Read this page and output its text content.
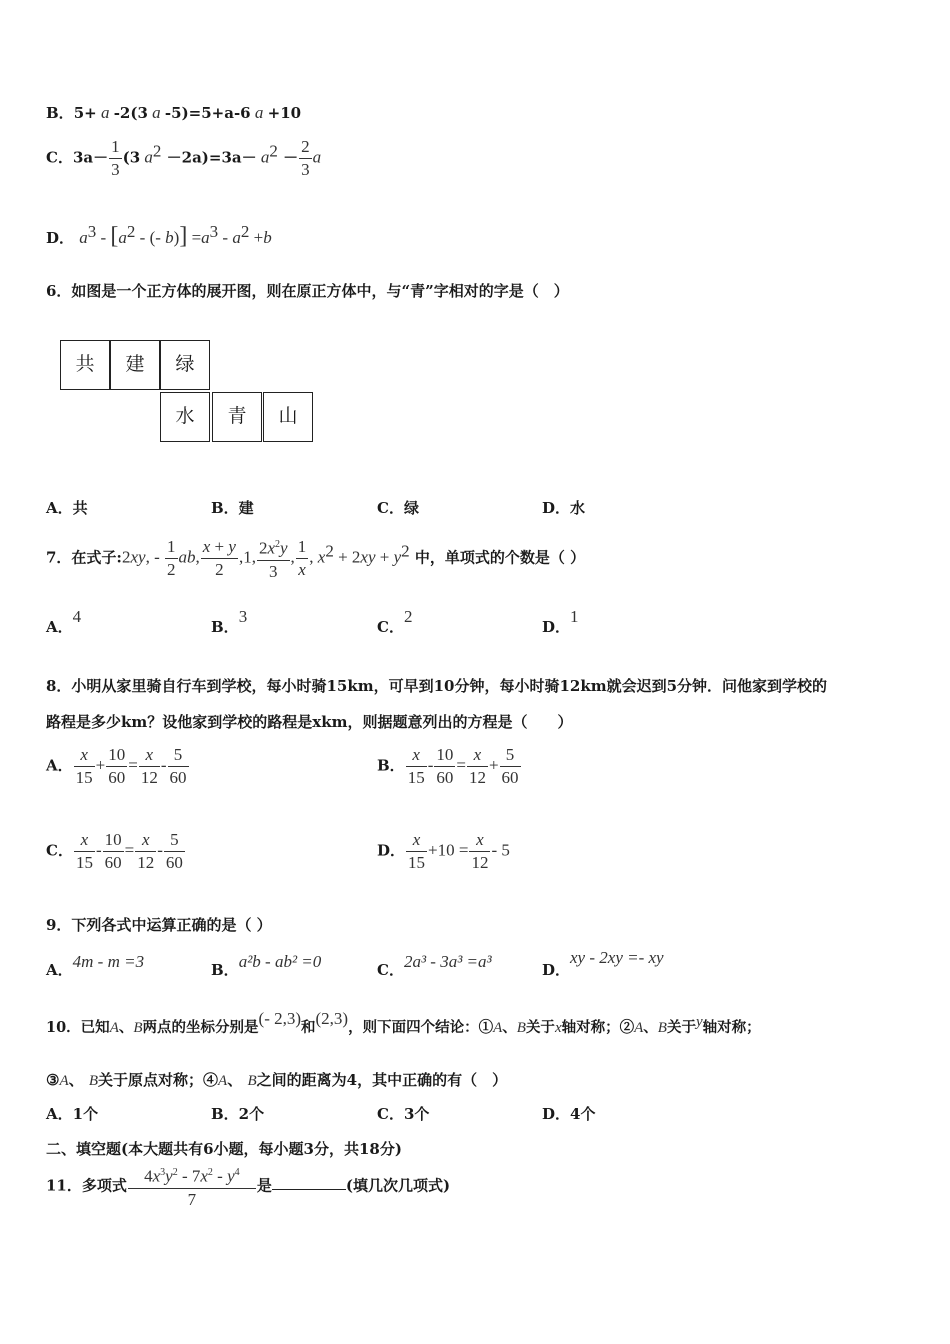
B．5+ a -2(3 a -5)=5+a-6 a +10
C．$3a- \frac{1}{3} (3$ $a^2 -2a)=3a- a^2 - \frac{2}{3}$ a
D． $a^3 - [a^2$ - (- $b)] =a^3 - a^2 +b$
6．如图是一个正方体的展开图，则在原正方体中，与“青”字相对的字是（　）
共	建	绿
水	青	山
A．共	B．建	C．绿	D．水
7．在式子:2xy, - $\frac{1}{2}$ ab, $\frac{x + y}{2} ,1$, $\frac{2x^2y}{3}$ , $\frac{1}{x}$ , $x^2 + 2xy + y^2$ 中，单项式的个数是（ ）
A．4
B．3
C．2
D．1
8．小明从家里骑自行车到学校，每小时骑15km，可早到10分钟，每小时骑12km就会迟到5分钟．问他家到学校的
路程是多少km？设他家到学校的路程是xkm，则据题意列出的方程是（　　）
A． $\frac{x}{15} + \frac{10}{60} = \frac{x}{12} - \frac{5}{60}$	B． $\frac{x}{15} - \frac{10}{60} = \frac{x}{12} + \frac{5}{60}$
C． $\frac{x}{15} - \frac{10}{60} = \frac{x}{12} - \frac{5}{60}$	D． $\frac{x}{15} +10 = \frac{x}{12} - 5$
9．下列各式中运算正确的是（ ）
A．4m - m =3	B．a²b - ab² =0	C．2a³ - 3a³ =a³	D．xy - 2xy =- xy
10．已知A、B两点的坐标分别是(- 2,3)和(2,3)，则下面四个结论：①A、B关于x轴对称；②A、B关于y轴对称；
③A、 B关于原点对称；④A、 B之间的距离为4，其中正确的有（　）
A．1个	B．2个	C．3个	D．4个
二、填空题(本大题共有6小题，每小题3分，共18分)
11．多项式 $\frac{4x^3y^2 - 7x^2 - y^4}{7}$ 是	(填几次几项式)
